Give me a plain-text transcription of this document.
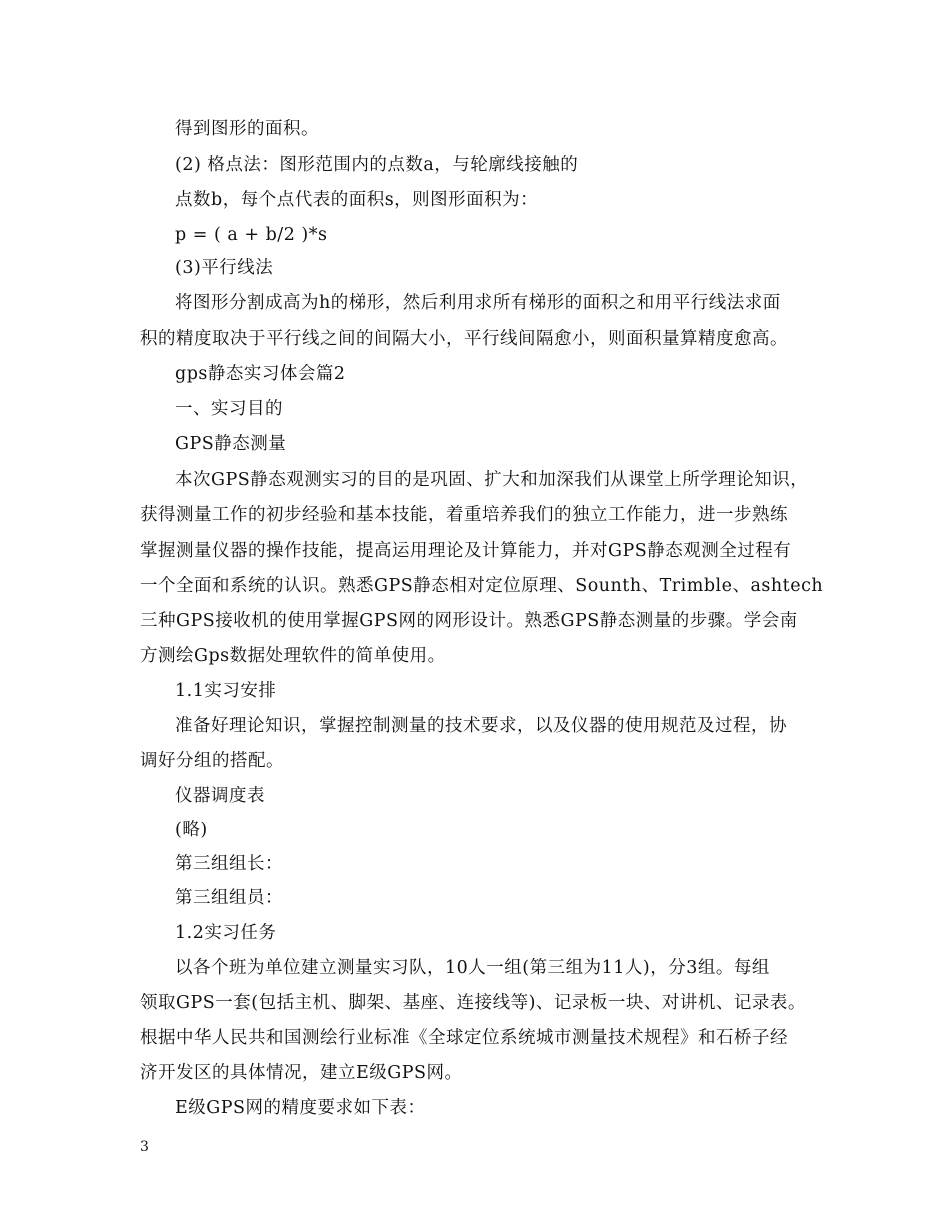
得到图形的面积。
(2) 格点法：图形范围内的点数a，与轮廓线接触的
点数b，每个点代表的面积s，则图形面积为：
p = ( a + b/2 )*s
(3)平行线法
将图形分割成高为h的梯形，然后利用求所有梯形的面积之和用平行线法求面
积的精度取决于平行线之间的间隔大小，平行线间隔愈小，则面积量算精度愈高。
gps静态实习体会篇2
一、实习目的
GPS静态测量
本次GPS静态观测实习的目的是巩固、扩大和加深我们从课堂上所学理论知识，
获得测量工作的初步经验和基本技能，着重培养我们的独立工作能力，进一步熟练
掌握测量仪器的操作技能，提高运用理论及计算能力，并对GPS静态观测全过程有
一个全面和系统的认识。熟悉GPS静态相对定位原理、Sounth、Trimble、ashtech
三种GPS接收机的使用掌握GPS网的网形设计。熟悉GPS静态测量的步骤。学会南
方测绘Gps数据处理软件的简单使用。
1.1实习安排
准备好理论知识，掌握控制测量的技术要求，以及仪器的使用规范及过程，协
调好分组的搭配。
仪器调度表
(略)
第三组组长：
第三组组员：
1.2实习任务
以各个班为单位建立测量实习队，10人一组(第三组为11人)，分3组。每组
领取GPS一套(包括主机、脚架、基座、连接线等)、记录板一块、对讲机、记录表。
根据中华人民共和国测绘行业标准《全球定位系统城市测量技术规程》和石桥子经
济开发区的具体情况，建立E级GPS网。
E级GPS网的精度要求如下表：
3
